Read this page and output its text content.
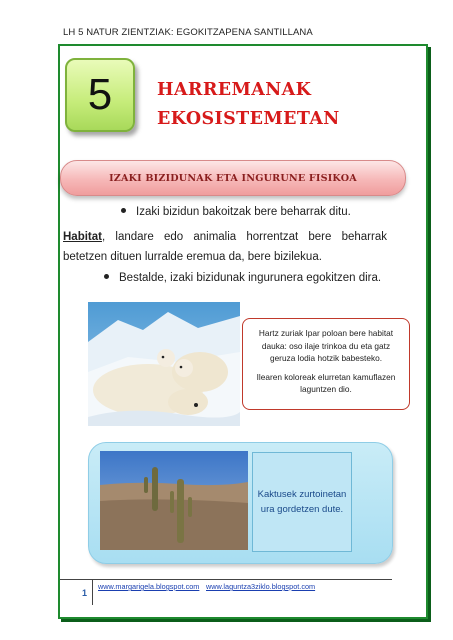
LH 5 NATUR ZIENTZIAK: EGOKITZAPENA SANTILLANA
5	HARREMANAK
EKOSISTEMETAN
IZAKI BIZIDUNAK ETA INGURUNE FISIKOA
Izaki bizidun bakoitzak bere beharrak ditu.
Habitat, landare edo animalia horrentzat bere beharrak betetzen dituen lurralde eremua da, bere bizilekua.
Bestalde, izaki bizidunak ingurunera egokitzen dira.

Hartz zuriak Ipar poloan bere habitat dauka: oso ilaje trinkoa du eta gatz geruza lodia hotzik babesteko.

Ilearen koloreak elurretan kamuflazen laguntzen dio.

Kaktusek zurtoinetan ura gordetzen dute.
1
www.margarigela.blogspot.com www.laguntza3ziklo.blogspot.com
